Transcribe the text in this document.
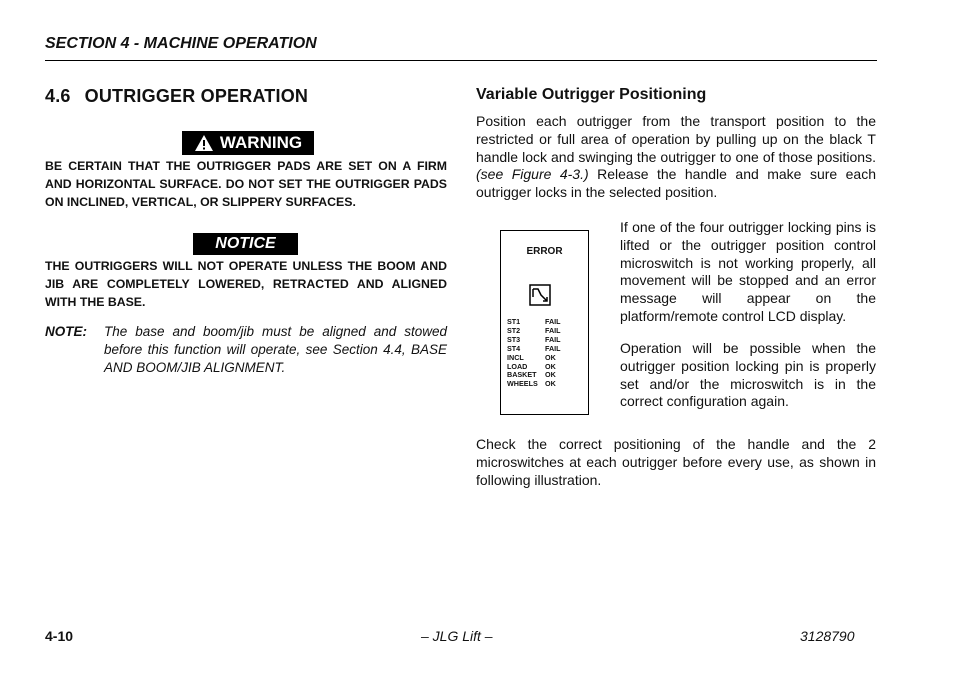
SECTION 4 - MACHINE OPERATION
4.6 OUTRIGGER OPERATION
WARNING
BE CERTAIN THAT THE OUTRIGGER PADS ARE SET ON A FIRM AND HORIZONTAL SURFACE. DO NOT SET THE OUTRIGGER PADS ON INCLINED, VERTICAL, OR SLIPPERY SURFACES.
NOTICE
THE OUTRIGGERS WILL NOT OPERATE UNLESS THE BOOM AND JIB ARE COMPLETELY LOWERED, RETRACTED AND ALIGNED WITH THE BASE.
NOTE:	The base and boom/jib must be aligned and stowed before this function will operate, see Section 4.4, BASE AND BOOM/JIB ALIGNMENT.
Variable Outrigger Positioning
Position each outrigger from the transport position to the restricted or full area of operation by pulling up on the black T handle lock and swinging the outrigger to one of those positions. (see Figure 4-3.) Release the handle and make sure each outrigger locks in the selected position.
ERROR
ST1	FAIL
ST2	FAIL
ST3	FAIL
ST4	FAIL
INCL	OK
LOAD	OK
BASKET	OK
WHEELS	OK
If one of the four outrigger locking pins is lifted or the outrigger position control microswitch is not working properly, all movement will be stopped and an error message will appear on the platform/remote control LCD display.
Operation will be possible when the outrigger position locking pin is properly set and/or the microswitch is in the correct configuration again.
Check the correct positioning of the handle and the 2 microswitches at each outrigger before every use, as shown in following illustration.
4-10	– JLG Lift –	3128790
